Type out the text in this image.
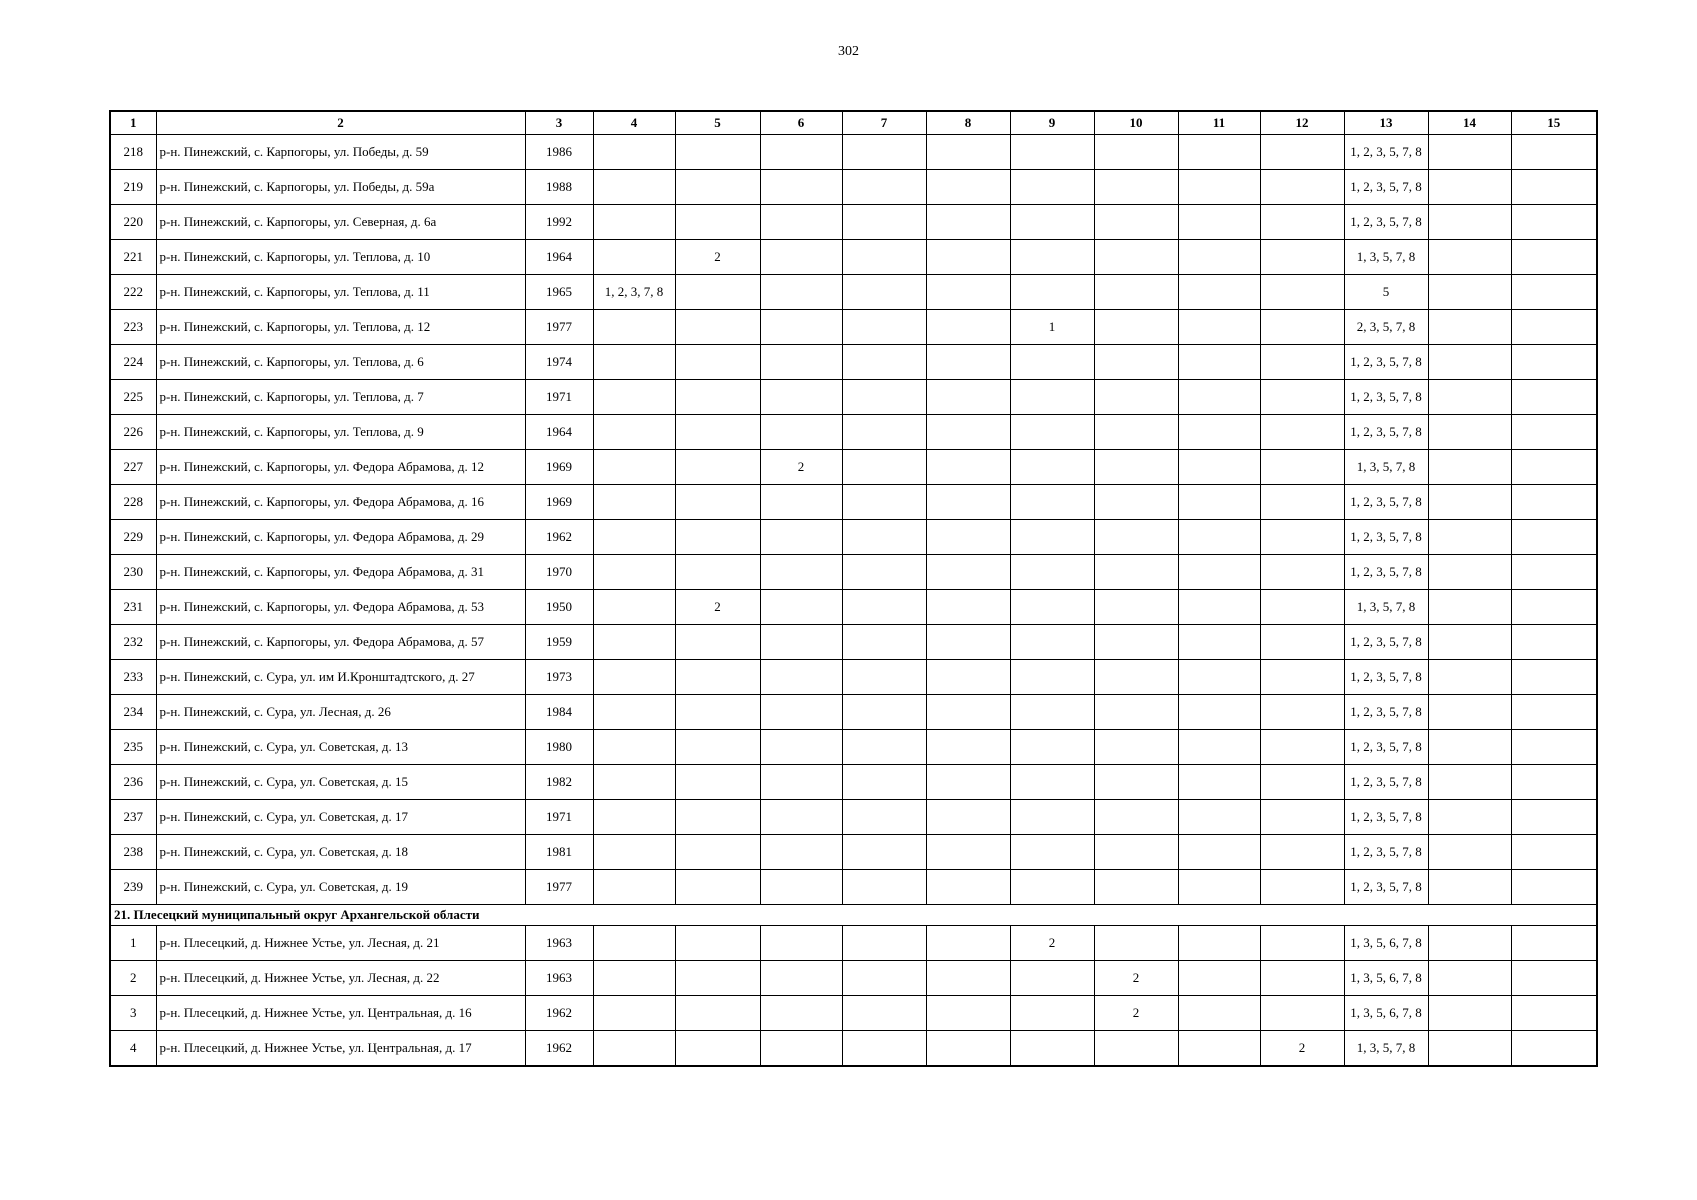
302
1	2	3	4	5	6	7	8	9	10	11	12	13	14	15
218	р-н. Пинежский, с. Карпогоры, ул. Победы, д. 59	1986										1, 2, 3, 5, 7, 8		
219	р-н. Пинежский, с. Карпогоры, ул. Победы, д. 59а	1988										1, 2, 3, 5, 7, 8		
220	р-н. Пинежский, с. Карпогоры, ул. Северная, д. 6а	1992										1, 2, 3, 5, 7, 8		
221	р-н. Пинежский, с. Карпогоры, ул. Теплова, д. 10	1964		2								1, 3, 5, 7, 8		
222	р-н. Пинежский, с. Карпогоры, ул. Теплова, д. 11	1965	1, 2, 3, 7, 8									5		
223	р-н. Пинежский, с. Карпогоры, ул. Теплова, д. 12	1977						1				2, 3, 5, 7, 8		
224	р-н. Пинежский, с. Карпогоры, ул. Теплова, д. 6	1974										1, 2, 3, 5, 7, 8		
225	р-н. Пинежский, с. Карпогоры, ул. Теплова, д. 7	1971										1, 2, 3, 5, 7, 8		
226	р-н. Пинежский, с. Карпогоры, ул. Теплова, д. 9	1964										1, 2, 3, 5, 7, 8		
227	р-н. Пинежский, с. Карпогоры, ул. Федора Абрамова, д. 12	1969			2							1, 3, 5, 7, 8		
228	р-н. Пинежский, с. Карпогоры, ул. Федора Абрамова, д. 16	1969										1, 2, 3, 5, 7, 8		
229	р-н. Пинежский, с. Карпогоры, ул. Федора Абрамова, д. 29	1962										1, 2, 3, 5, 7, 8		
230	р-н. Пинежский, с. Карпогоры, ул. Федора Абрамова, д. 31	1970										1, 2, 3, 5, 7, 8		
231	р-н. Пинежский, с. Карпогоры, ул. Федора Абрамова, д. 53	1950		2								1, 3, 5, 7, 8		
232	р-н. Пинежский, с. Карпогоры, ул. Федора Абрамова, д. 57	1959										1, 2, 3, 5, 7, 8		
233	р-н. Пинежский, с. Сура, ул. им И.Кронштадтского, д. 27	1973										1, 2, 3, 5, 7, 8		
234	р-н. Пинежский, с. Сура, ул. Лесная, д. 26	1984										1, 2, 3, 5, 7, 8		
235	р-н. Пинежский, с. Сура, ул. Советская, д. 13	1980										1, 2, 3, 5, 7, 8		
236	р-н. Пинежский, с. Сура, ул. Советская, д. 15	1982										1, 2, 3, 5, 7, 8		
237	р-н. Пинежский, с. Сура, ул. Советская, д. 17	1971										1, 2, 3, 5, 7, 8		
238	р-н. Пинежский, с. Сура, ул. Советская, д. 18	1981										1, 2, 3, 5, 7, 8		
239	р-н. Пинежский, с. Сура, ул. Советская, д. 19	1977										1, 2, 3, 5, 7, 8		
21. Плесецкий муниципальный округ Архангельской области														
1	р-н. Плесецкий, д. Нижнее Устье, ул. Лесная, д. 21	1963						2				1, 3, 5, 6, 7, 8		
2	р-н. Плесецкий, д. Нижнее Устье, ул. Лесная, д. 22	1963							2			1, 3, 5, 6, 7, 8		
3	р-н. Плесецкий, д. Нижнее Устье, ул. Центральная, д. 16	1962							2			1, 3, 5, 6, 7, 8		
4	р-н. Плесецкий, д. Нижнее Устье, ул. Центральная, д. 17	1962									2	1, 3, 5, 7, 8		
